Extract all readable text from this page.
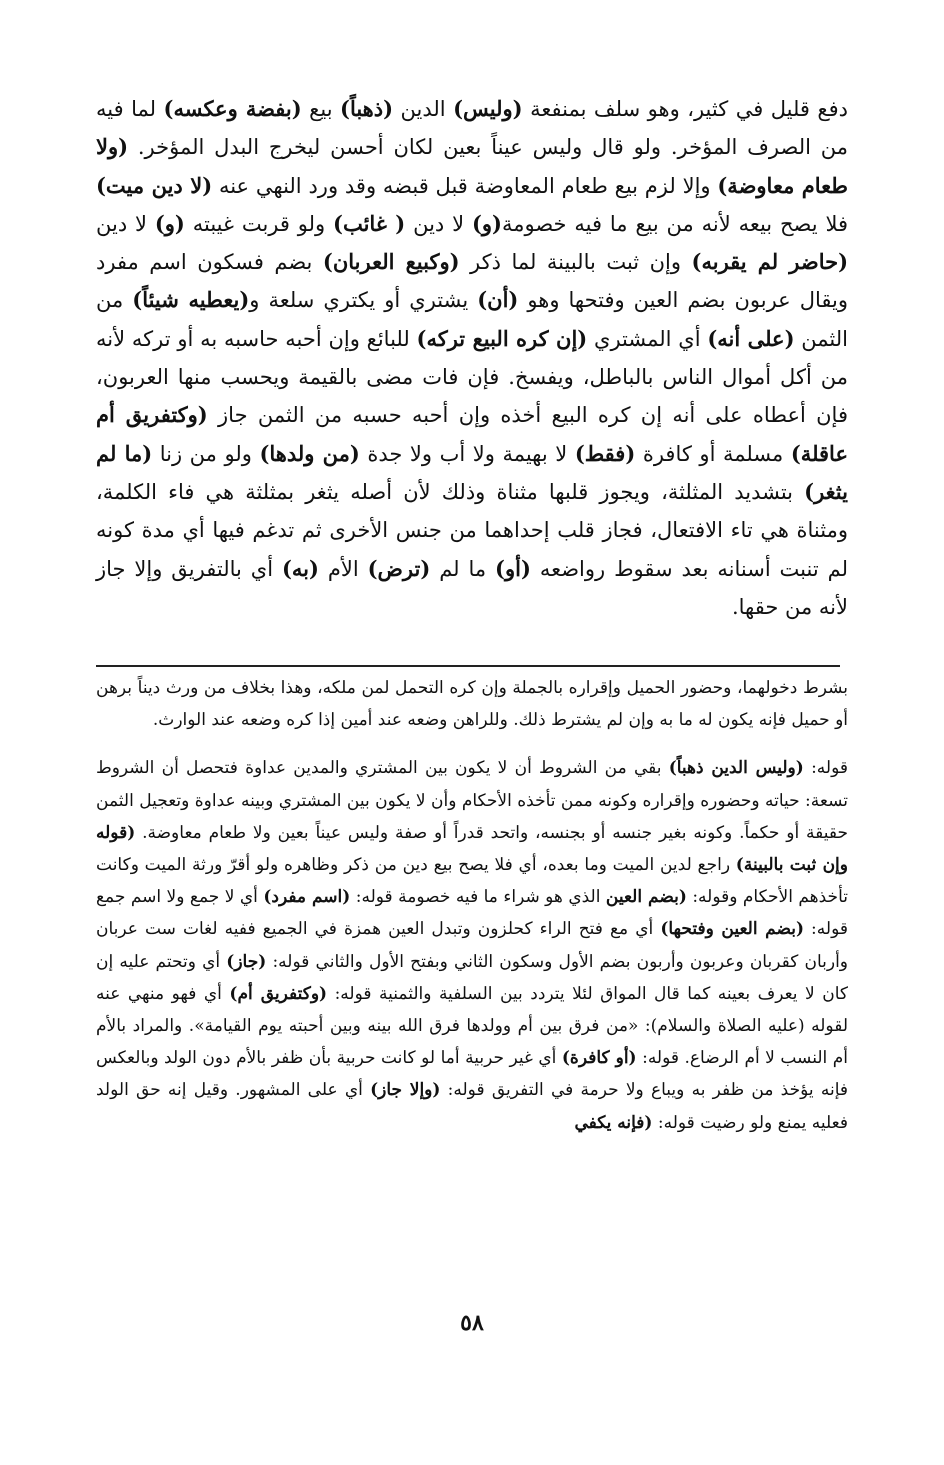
دفع قليل في كثير، وهو سلف بمنفعة (وليس) الدين (ذهباً) بيع (بفضة وعكسه) لما فيه من الصرف المؤخر. ولو قال وليس عيناً بعين لكان أحسن ليخرج البدل المؤخر. (ولا طعام معاوضة) وإلا لزم بيع طعام المعاوضة قبل قبضه وقد ورد النهي عنه (لا دين ميت) فلا يصح بيعه لأنه من بيع ما فيه خصومة(و) لا دين ( غائب) ولو قربت غيبته (و) لا دين (حاضر لم يقربه) وإن ثبت بالبينة لما ذكر (وكبيع العربان) بضم فسكون اسم مفرد ويقال عربون بضم العين وفتحها وهو (أن) يشتري أو يكتري سلعة و(يعطيه شيئاً) من الثمن (على أنه) أي المشتري (إن كره البيع تركه) للبائع وإن أحبه حاسبه به أو تركه لأنه من أكل أموال الناس بالباطل، ويفسخ. فإن فات مضى بالقيمة ويحسب منها العربون، فإن أعطاه على أنه إن كره البيع أخذه وإن أحبه حسبه من الثمن جاز (وكتفريق أم عاقلة) مسلمة أو كافرة (فقط) لا بهيمة ولا أب ولا جدة (من ولدها) ولو من زنا (ما لم يثغر) بتشديد المثلثة، ويجوز قلبها مثناة وذلك لأن أصله يثغر بمثلثة هي فاء الكلمة، ومثناة هي تاء الافتعال، فجاز قلب إحداهما من جنس الأخرى ثم تدغم فيها أي مدة كونه لم تنبت أسنانه بعد سقوط رواضعه (أو) ما لم (ترض) الأم (به) أي بالتفريق وإلا جاز لأنه من حقها.

بشرط دخولهما، وحضور الحميل وإقراره بالجملة وإن كره التحمل لمن ملكه، وهذا بخلاف من ورث ديناً برهن أو حميل فإنه يكون له ما به وإن لم يشترط ذلك. وللراهن وضعه عند أمين إذا كره وضعه عند الوارث.

قوله: (وليس الدين ذهباً) بقي من الشروط أن لا يكون بين المشتري والمدين عداوة فتحصل أن الشروط تسعة: حياته وحضوره وإقراره وكونه ممن تأخذه الأحكام وأن لا يكون بين المشتري وبينه عداوة وتعجيل الثمن حقيقة أو حكماً. وكونه بغير جنسه أو بجنسه، واتحد قدراً أو صفة وليس عيناً بعين ولا طعام معاوضة. (قوله وإن ثبت بالبينة) راجع لدين الميت وما بعده، أي فلا يصح بيع دين من ذكر وظاهره ولو أقرّ ورثة الميت وكانت تأخذهم الأحكام وقوله: (بضم العين الذي هو شراء ما فيه خصومة قوله: (اسم مفرد) أي لا جمع ولا اسم جمع قوله: (بضم العين وفتحها) أي مع فتح الراء كحلزون وتبدل العين همزة في الجميع ففيه لغات ست عربان وأربان كقربان وعربون وأربون بضم الأول وسكون الثاني وبفتح الأول والثاني قوله: (جاز) أي وتحتم عليه إن كان لا يعرف بعينه كما قال المواق لئلا يتردد بين السلفية والثمنية قوله: (وكتفريق أم) أي فهو منهي عنه لقوله (عليه الصلاة والسلام): «من فرق بين أم وولدها فرق الله بينه وبين أحبته يوم القيامة». والمراد بالأم أم النسب لا أم الرضاع. قوله: (أو كافرة) أي غير حربية أما لو كانت حربية بأن ظفر بالأم دون الولد وبالعكس فإنه يؤخذ من ظفر به ويباع ولا حرمة في التفريق قوله: (وإلا جاز) أي على المشهور. وقيل إنه حق الولد فعليه يمنع ولو رضيت قوله: (فإنه يكفي

٥٨
